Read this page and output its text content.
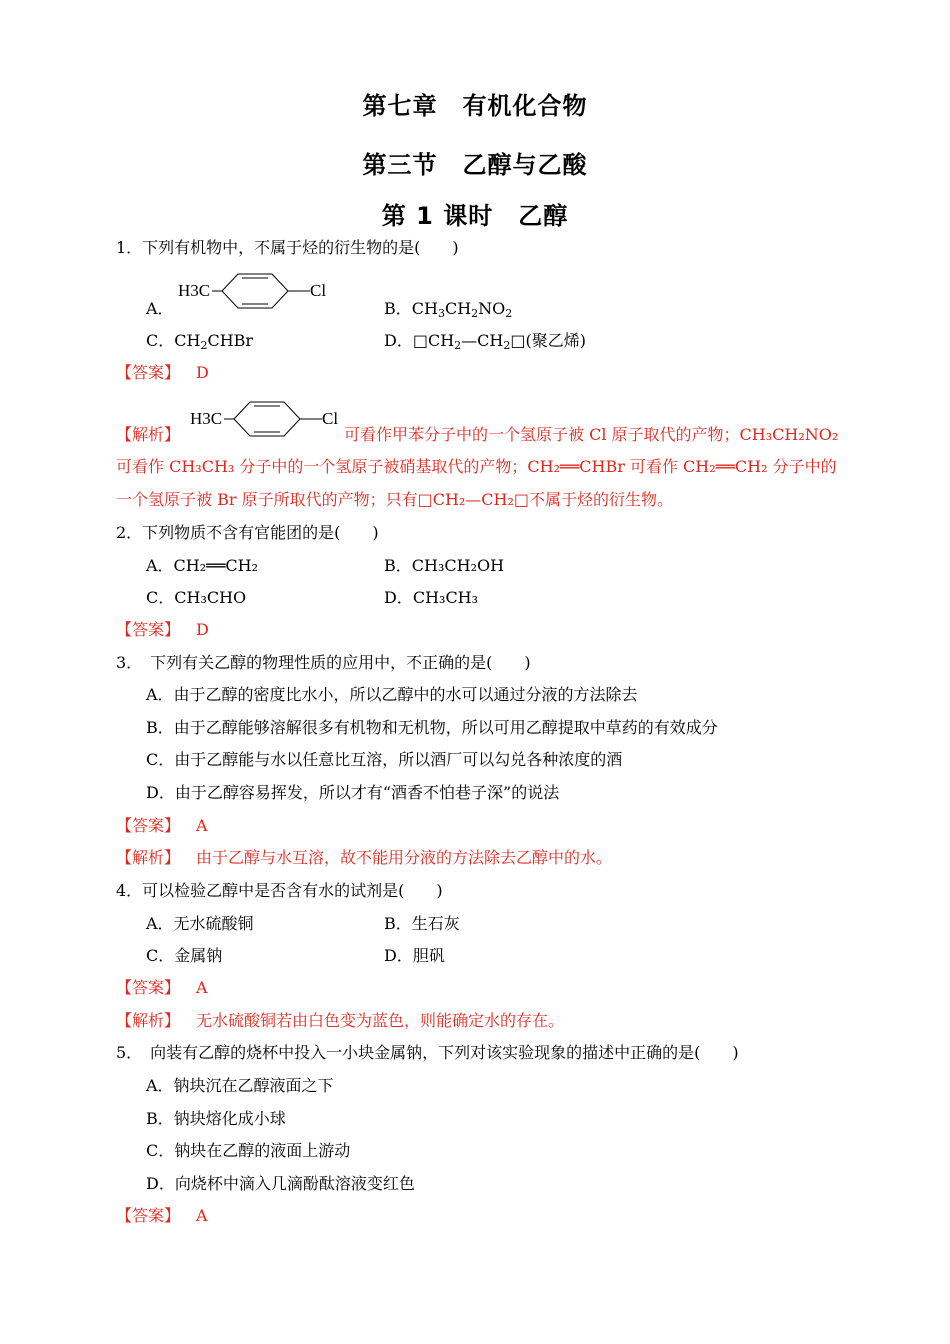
第七章　有机化合物
第三节　乙醇与乙酸
第 1 课时　乙醇
1．下列有机物中，不属于烃的衍生物的是(　　)
H3C	Cl
A．	B．$CH_3CH_2NO_2$
C．$CH_2CHBr$	D．$□CH_2—CH_2□$(聚乙烯)
【答案】 D
【解析】
H3C	Cl
可看作甲苯分子中的一个氢原子被 Cl 原子取代的产物；CH₃CH₂NO₂
可看作 CH₃CH₃ 分子中的一个氢原子被硝基取代的产物；CH₂══CHBr 可看作 CH₂══CH₂ 分子中的
一个氢原子被 Br 原子所取代的产物；只有□CH₂—CH₂□不属于烃的衍生物。
2．下列物质不含有官能团的是(　　)
A．CH₂══CH₂	B．CH₃CH₂OH
C．CH₃CHO	D．CH₃CH₃
【答案】 D
3．　下列有关乙醇的物理性质的应用中，不正确的是(　　)
A．由于乙醇的密度比水小，所以乙醇中的水可以通过分液的方法除去
B．由于乙醇能够溶解很多有机物和无机物，所以可用乙醇提取中草药的有效成分
C．由于乙醇能与水以任意比互溶，所以酒厂可以勾兑各种浓度的酒
D．由于乙醇容易挥发，所以才有“酒香不怕巷子深”的说法
【答案】 A
【解析】 由于乙醇与水互溶，故不能用分液的方法除去乙醇中的水。
4．可以检验乙醇中是否含有水的试剂是(　　)
A．无水硫酸铜	B．生石灰
C．金属钠	D．胆矾
【答案】 A
【解析】 无水硫酸铜若由白色变为蓝色，则能确定水的存在。
5．　向装有乙醇的烧杯中投入一小块金属钠，下列对该实验现象的描述中正确的是(　　)
A．钠块沉在乙醇液面之下
B．钠块熔化成小球
C．钠块在乙醇的液面上游动
D．向烧杯中滴入几滴酚酞溶液变红色
【答案】 A
